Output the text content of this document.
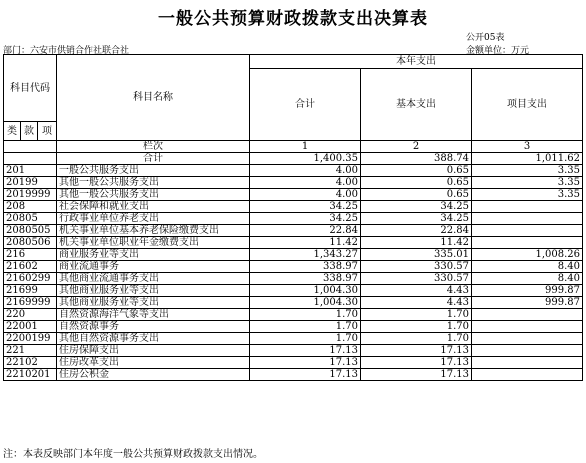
一般公共预算财政拨款支出决算表
公开05表
部门：六安市供销合作社联合社	金额单位：万元
科目代码			科目名称	本年支出		
				合计	基本支出	项目支出

类	款	项				
			栏次	1	2	3
			合计	1,400.35	388.74	1,011.62
201			一般公共服务支出	4.00	0.65	3.35
20199			其他一般公共服务支出	4.00	0.65	3.35
2019999			其他一般公共服务支出	4.00	0.65	3.35
208			社会保障和就业支出	34.25	34.25	
20805			行政事业单位养老支出	34.25	34.25	
2080505			机关事业单位基本养老保险缴费支出	22.84	22.84	
2080506			机关事业单位职业年金缴费支出	11.42	11.42	
216			商业服务业等支出	1,343.27	335.01	1,008.26
21602			商业流通事务	338.97	330.57	8.40
2160299			其他商业流通事务支出	338.97	330.57	8.40
21699			其他商业服务业等支出	1,004.30	4.43	999.87
2169999			其他商业服务业等支出	1,004.30	4.43	999.87
220			自然资源海洋气象等支出	1.70	1.70	
22001			自然资源事务	1.70	1.70	
2200199			其他自然资源事务支出	1.70	1.70	
221			住房保障支出	17.13	17.13	
22102			住房改革支出	17.13	17.13	
2210201			住房公积金	17.13	17.13	
注：本表反映部门本年度一般公共预算财政拨款支出情况。
